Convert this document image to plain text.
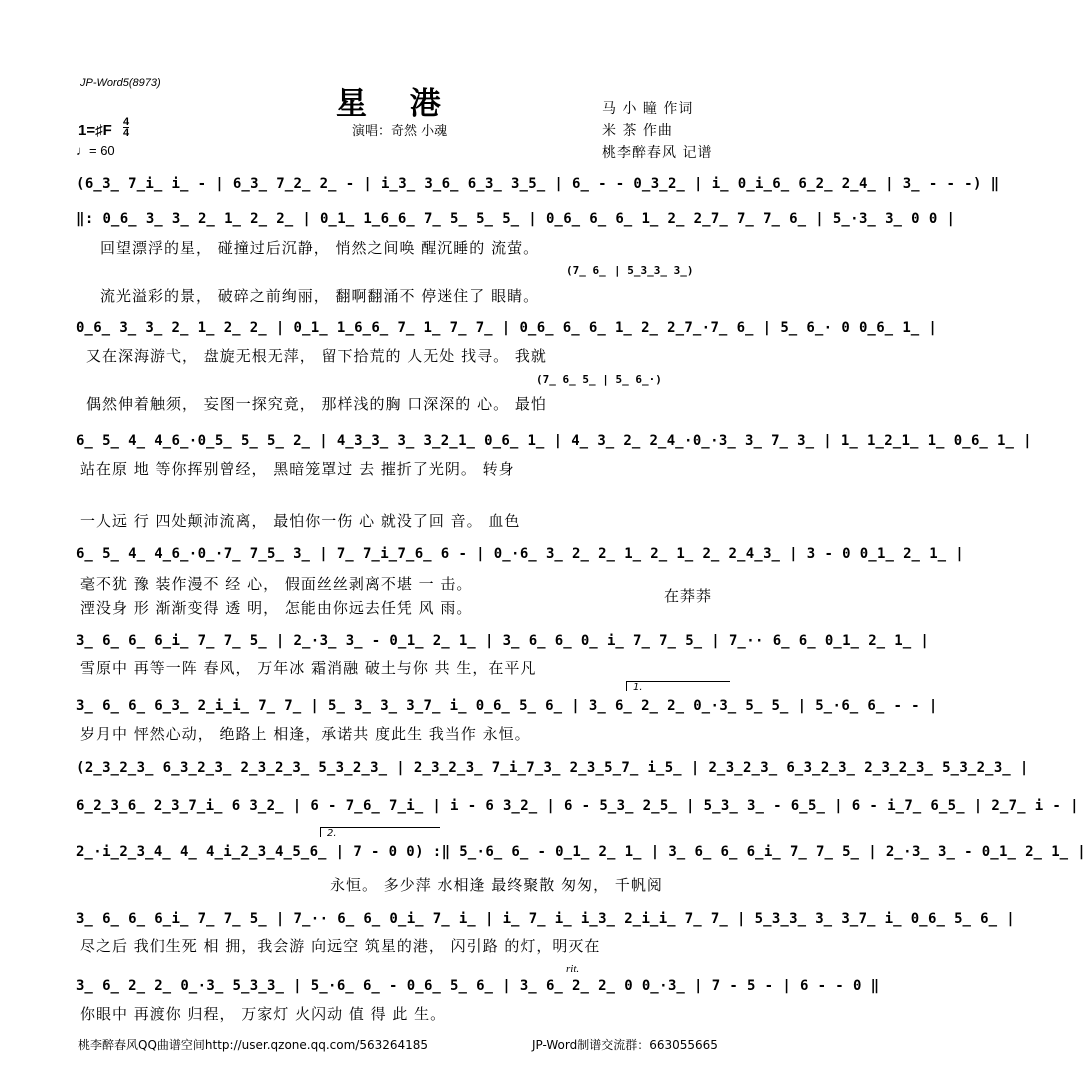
JP-Word5(8973)
星 港
演唱：奇然 小魂
马 小 瞳 作词
米 茶 作曲
桃李醉春风 记谱
1=♯F 4
4
♩= 60
(6̲3̲ 7̲i̲ i̲ - | 6̲3̲ 7̲2̲ 2̲ - | i̲3̲ 3̲6̲ 6̲3̲ 3̲5̲ | 6̲ - - 0̲3̲2̲ | i̲ 0̲i̲6̲ 6̲2̲ 2̲4̲ | 3̲ - - -) ‖
‖: 0̲6̲ 3̲ 3̲ 2̲ 1̲ 2̲ 2̲ | 0̲1̲ 1̲6̲6̲ 7̲ 5̲ 5̲ 5̲ | 0̲6̲ 6̲ 6̲ 1̲ 2̲ 2̲7̲ 7̲ 7̲ 6̲ | 5̲·3̲ 3̲ 0 0 |
回望漂浮的星， 碰撞过后沉静， 悄然之间唤 醒沉睡的 流萤。
(7̲ 6̲ | 5̲3̲3̲ 3̲)
流光溢彩的景， 破碎之前绚丽， 翻啊翻涌不 停迷住了 眼睛。
0̲6̲ 3̲ 3̲ 2̲ 1̲ 2̲ 2̲ | 0̲1̲ 1̲6̲6̲ 7̲ 1̲ 7̲ 7̲ | 0̲6̲ 6̲ 6̲ 1̲ 2̲ 2̲7̲·7̲ 6̲ | 5̲ 6̲· 0 0̲6̲ 1̲ |
又在深海游弋， 盘旋无根无萍， 留下拾荒的 人无处 找寻。 我就
(7̲ 6̲ 5̲ | 5̲ 6̲·)
偶然伸着触须， 妄图一探究竟， 那样浅的胸 口深深的 心。 最怕
6̲ 5̲ 4̲ 4̲6̲·0̲5̲ 5̲ 5̲ 2̲ | 4̲3̲3̲ 3̲ 3̲2̲1̲ 0̲6̲ 1̲ | 4̲ 3̲ 2̲ 2̲4̲·0̲·3̲ 3̲ 7̲ 3̲ | 1̲ 1̲2̲1̲ 1̲ 0̲6̲ 1̲ |
站在原 地 等你挥别曾经， 黑暗笼罩过 去 摧折了光阴。 转身
一人远 行 四处颠沛流离， 最怕你一伤 心 就没了回 音。 血色
6̲ 5̲ 4̲ 4̲6̲·0̲·7̲ 7̲5̲ 3̲ | 7̲ 7̲i̲7̲6̲ 6 - | 0̲·6̲ 3̲ 2̲ 2̲ 1̲ 2̲ 1̲ 2̲ 2̲4̲3̲ | 3 - 0 0̲1̲ 2̲ 1̲ |
毫不犹 豫 装作漫不 经 心， 假面丝丝剥离不堪 一 击。
湮没身 形 渐渐变得 透 明， 怎能由你远去任凭 风 雨。
在莽莽
3̲ 6̲ 6̲ 6̲i̲ 7̲ 7̲ 5̲ | 2̲·3̲ 3̲ - 0̲1̲ 2̲ 1̲ | 3̲ 6̲ 6̲ 0̲ i̲ 7̲ 7̲ 5̲ | 7̲·· 6̲ 6̲ 0̲1̲ 2̲ 1̲ |
雪原中 再等一阵 春风， 万年冰 霜消融 破土与你 共 生，在平凡
1.
3̲ 6̲ 6̲ 6̲3̲ 2̲i̲i̲ 7̲ 7̲ | 5̲ 3̲ 3̲ 3̲7̲ i̲ 0̲6̲ 5̲ 6̲ | 3̲ 6̲ 2̲ 2̲ 0̲·3̲ 5̲ 5̲ | 5̲·6̲ 6̲ - - |
岁月中 怦然心动， 绝路上 相逢，承诺共 度此生 我当作 永恒。
(2̲3̲2̲3̲ 6̲3̲2̲3̲ 2̲3̲2̲3̲ 5̲3̲2̲3̲ | 2̲3̲2̲3̲ 7̲i̲7̲3̲ 2̲3̲5̲7̲ i̲5̲ | 2̲3̲2̲3̲ 6̲3̲2̲3̲ 2̲3̲2̲3̲ 5̲3̲2̲3̲ |
6̲2̲3̲6̲ 2̲3̲7̲i̲ 6 3̲2̲ | 6 - 7̲6̲ 7̲i̲ | i - 6 3̲2̲ | 6 - 5̲3̲ 2̲5̲ | 5̲3̲ 3̲ - 6̲5̲ | 6 - i̲7̲ 6̲5̲ | 2̲7̲ i - |
2.
2̲·i̲2̲3̲4̲ 4̲ 4̲i̲2̲3̲4̲5̲6̲ | 7 - 0 0) :‖ 5̲·6̲ 6̲ - 0̲1̲ 2̲ 1̲ | 3̲ 6̲ 6̲ 6̲i̲ 7̲ 7̲ 5̲ | 2̲·3̲ 3̲ - 0̲1̲ 2̲ 1̲ |
永恒。 多少萍 水相逢 最终聚散 匆匆， 千帆阅
3̲ 6̲ 6̲ 6̲i̲ 7̲ 7̲ 5̲ | 7̲·· 6̲ 6̲ 0̲i̲ 7̲ i̲ | i̲ 7̲ i̲ i̲3̲ 2̲i̲i̲ 7̲ 7̲ | 5̲3̲3̲ 3̲ 3̲7̲ i̲ 0̲6̲ 5̲ 6̲ |
尽之后 我们生死 相 拥，我会游 向远空 筑星的港， 闪引路 的灯，明灭在
rit.
3̲ 6̲ 2̲ 2̲ 0̲·3̲ 5̲3̲3̲ | 5̲·6̲ 6̲ - 0̲6̲ 5̲ 6̲ | 3̲ 6̲ 2̲ 2̲ 0 0̲·3̲ | 7 - 5 - | 6 - - 0 ‖
你眼中 再渡你 归程， 万家灯 火闪动 值 得 此 生。
桃李醉春风QQ曲谱空间http://user.qzone.qq.com/563264185	JP-Word制谱交流群：663055665
